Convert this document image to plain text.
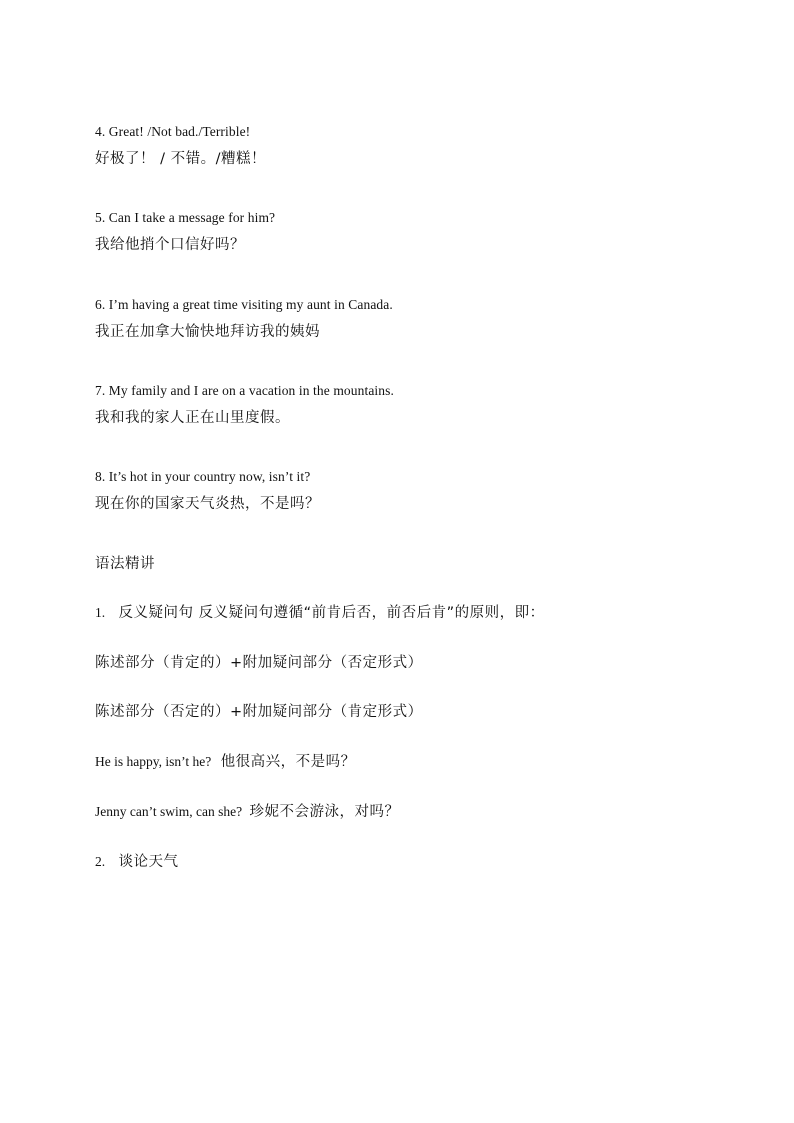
4. Great! /Not bad./Terrible!
好极了！ / 不错。/糟糕！
5. Can I take a message for him?
我给他捎个口信好吗？
6. I’m having a great time visiting my aunt in Canada.
我正在加拿大愉快地拜访我的姨妈
7. My family and I are on a vacation in the mountains.
我和我的家人正在山里度假。
8. It’s hot in your country now, isn’t it?
现在你的国家天气炎热，不是吗？
语法精讲
1. 反义疑问句 反义疑问句遵循“前肯后否，前否后肯”的原则，即：
陈述部分（肯定的）+附加疑问部分（否定形式）
陈述部分（否定的）+附加疑问部分（肯定形式）
He is happy, isn’t he? 他很高兴，不是吗？
Jenny can’t swim, can she? 珍妮不会游泳，对吗？
2. 谈论天气
